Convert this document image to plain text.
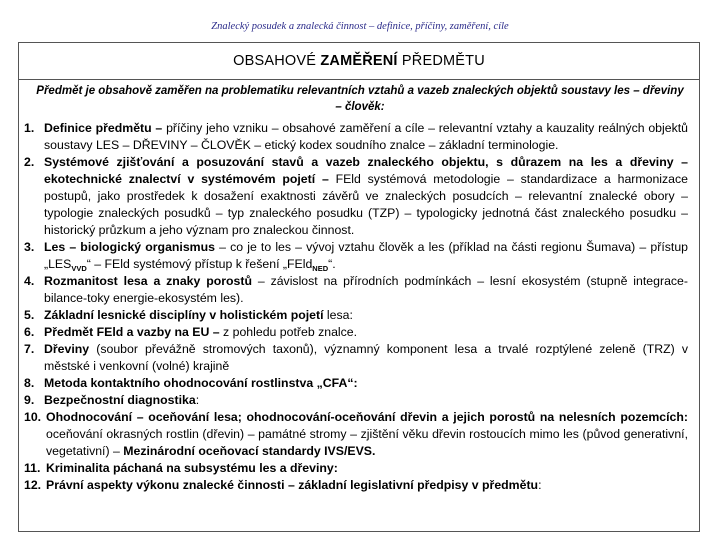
Znalecký posudek a znalecká činnost – definice, příčiny, zaměření, cíle
OBSAHOVÉ ZAMĚŘENÍ PŘEDMĚTU
Předmět je obsahově zaměřen na problematiku relevantních vztahů a vazeb znaleckých objektů soustavy les – dřeviny – člověk:
1. Definice předmětu – příčiny jeho vzniku – obsahové zaměření a cíle – relevantní vztahy a kauzality reálných objektů soustavy LES – DŘEVINY – ČLOVĚK – etický kodex soudního znalce – základní terminologie.
2. Systémové zjišťování a posuzování stavů a vazeb znaleckého objektu, s důrazem na les a dřeviny – ekotechnické znalectví v systémovém pojetí – FEld systémová metodologie – standardizace a harmonizace postupů, jako prostředek k dosažení exaktnosti závěrů ve znaleckých posudcích – relevantní znalecké obory – typologie znaleckých posudků – typ znaleckého posudku (TZP) – typologicky jednotná část znaleckého posudku – historický průzkum a jeho význam pro znaleckou činnost.
3. Les – biologický organismus – co je to les – vývoj vztahu člověk a les (příklad na části regionu Šumava) – přístup $„LES_{VVD}“$ – FEld systémový přístup k řešení „FEld$_{NED}$“.
4. Rozmanitost lesa a znaky porostů – závislost na přírodních podmínkách – lesní ekosystém (stupně integrace-bilance-toky energie-ekosystém les).
5. Základní lesnické disciplíny v holistickém pojetí lesa:
6. Předmět FEld a vazby na EU – z pohledu potřeb znalce.
7. Dřeviny (soubor převážně stromových taxonů), významný komponent lesa a trvalé rozptýlené zeleně (TRZ) v městské i venkovní (volné) krajině
8. Metoda kontaktního ohodnocování rostlinstva „CFA“:
9. Bezpečnostní diagnostika:
10. Ohodnocování – oceňování lesa; ohodnocování-oceňování dřevin a jejich porostů na nelesních pozemcích: oceňování okrasných rostlin (dřevin) – památné stromy – zjištění věku dřevin rostoucích mimo les (původ generativní, vegetativní) – Mezinárodní oceňovací standardy IVS/EVS.
11. Kriminalita páchaná na subsystému les a dřeviny:
12. Právní aspekty výkonu znalecké činnosti – základní legislativní předpisy v předmětu:
